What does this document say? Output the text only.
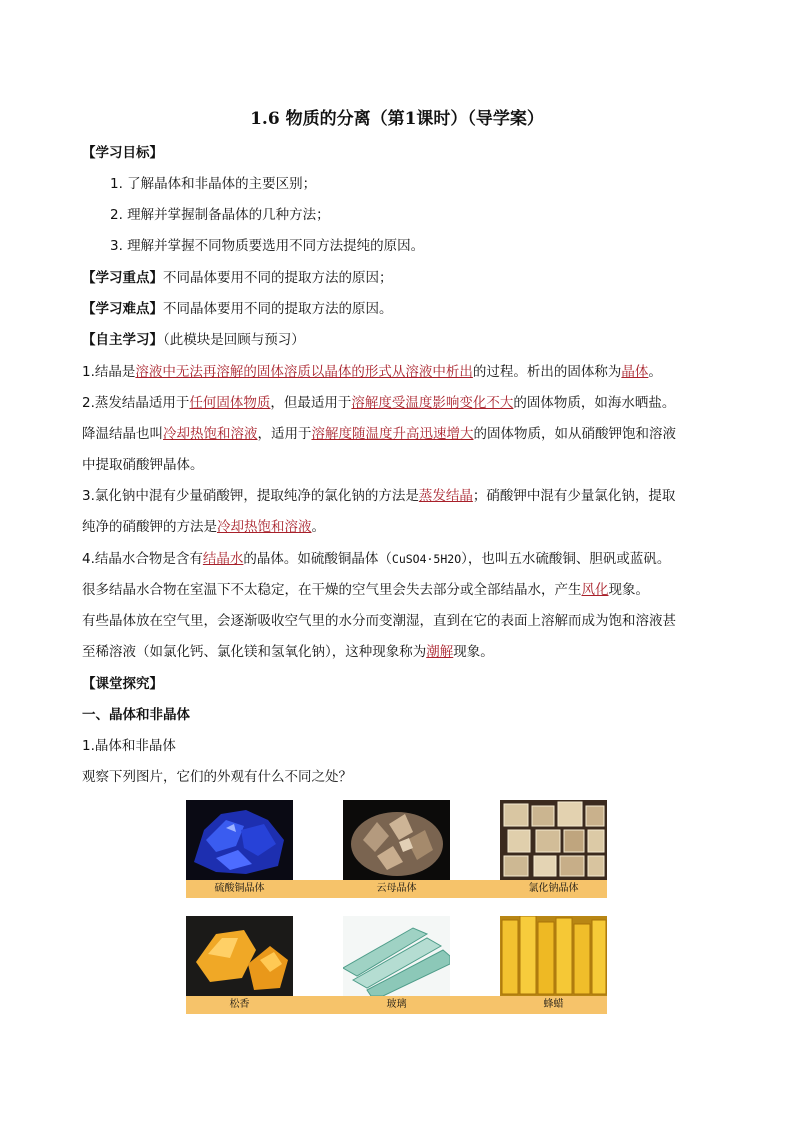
1.6 物质的分离（第1课时）（导学案）
【学习目标】
1. 了解晶体和非晶体的主要区别；
2. 理解并掌握制备晶体的几种方法；
3. 理解并掌握不同物质要选用不同方法提纯的原因。
【学习重点】不同晶体要用不同的提取方法的原因；
【学习难点】不同晶体要用不同的提取方法的原因。
【自主学习】（此模块是回顾与预习）
1.结晶是溶液中无法再溶解的固体溶质以晶体的形式从溶液中析出的过程。析出的固体称为晶体。
2.蒸发结晶适用于任何固体物质，但最适用于溶解度受温度影响变化不大的固体物质，如海水晒盐。
降温结晶也叫冷却热饱和溶液，适用于溶解度随温度升高迅速增大的固体物质，如从硝酸钾饱和溶液
中提取硝酸钾晶体。
3.氯化钠中混有少量硝酸钾，提取纯净的氯化钠的方法是蒸发结晶；硝酸钾中混有少量氯化钠，提取
纯净的硝酸钾的方法是冷却热饱和溶液。
4.结晶水合物是含有结晶水的晶体。如硫酸铜晶体（CuSO4·5H2O），也叫五水硫酸铜、胆矾或蓝矾。
很多结晶水合物在室温下不太稳定，在干燥的空气里会失去部分或全部结晶水，产生风化现象。
有些晶体放在空气里，会逐渐吸收空气里的水分而变潮湿，直到在它的表面上溶解而成为饱和溶液甚
至稀溶液（如氯化钙、氯化镁和氢氧化钠），这种现象称为潮解现象。
【课堂探究】
一、晶体和非晶体
1.晶体和非晶体
观察下列图片，它们的外观有什么不同之处？
硫酸铜晶体	云母晶体	氯化钠晶体
松香	玻璃	蜂蜡
